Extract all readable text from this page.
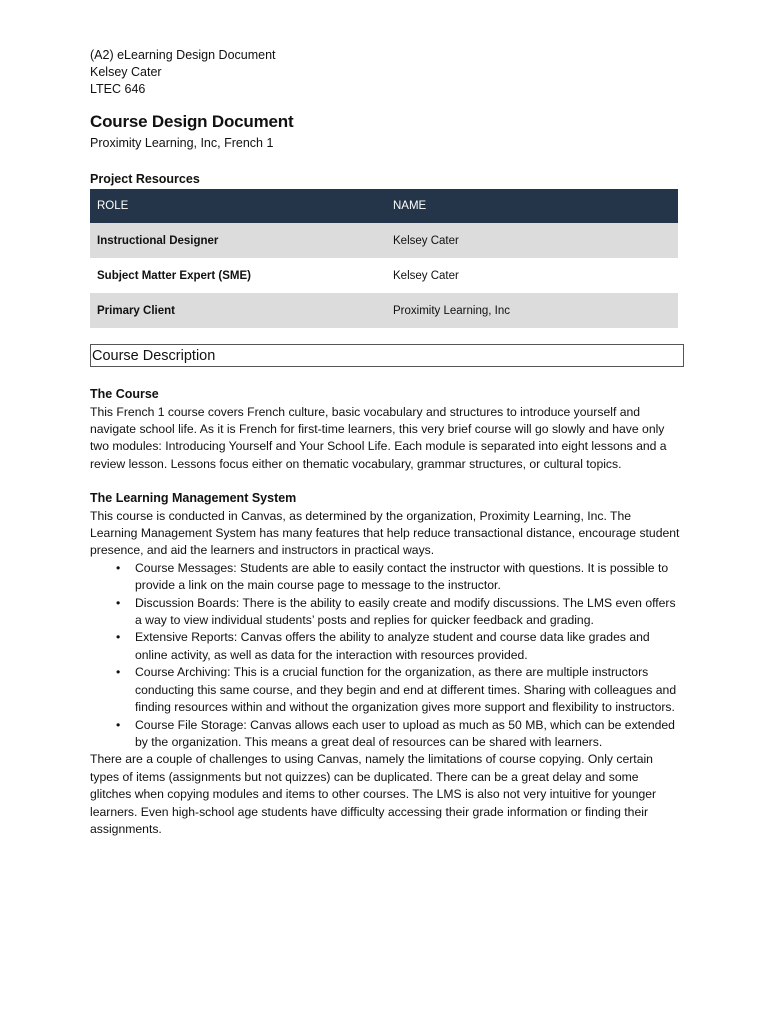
(A2) eLearning Design Document
Kelsey Cater
LTEC 646
Course Design Document
Proximity Learning, Inc, French 1
Project Resources
ROLE	NAME
Instructional Designer	Kelsey Cater
Subject Matter Expert (SME)	Kelsey Cater
Primary Client	Proximity Learning, Inc
Course Description
The Course

This French 1 course covers French culture, basic vocabulary and structures to introduce yourself and navigate school life. As it is French for first-time learners, this very brief course will go slowly and have only two modules: Introducing Yourself and Your School Life. Each module is separated into eight lessons and a review lesson. Lessons focus either on thematic vocabulary, grammar structures, or cultural topics.

The Learning Management System

This course is conducted in Canvas, as determined by the organization, Proximity Learning, Inc. The Learning Management System has many features that help reduce transactional distance, encourage student presence, and aid the learners and instructors in practical ways.

• Course Messages: Students are able to easily contact the instructor with questions. It is possible to provide a link on the main course page to message to the instructor.
• Discussion Boards: There is the ability to easily create and modify discussions. The LMS even offers a way to view individual students’ posts and replies for quicker feedback and grading.
• Extensive Reports: Canvas offers the ability to analyze student and course data like grades and online activity, as well as data for the interaction with resources provided.
• Course Archiving: This is a crucial function for the organization, as there are multiple instructors conducting this same course, and they begin and end at different times. Sharing with colleagues and finding resources within and without the organization gives more support and flexibility to instructors.
• Course File Storage: Canvas allows each user to upload as much as 50 MB, which can be extended by the organization. This means a great deal of resources can be shared with learners.

There are a couple of challenges to using Canvas, namely the limitations of course copying. Only certain types of items (assignments but not quizzes) can be duplicated. There can be a great delay and some glitches when copying modules and items to other courses. The LMS is also not very intuitive for younger learners. Even high-school age students have difficulty accessing their grade information or finding their assignments.
